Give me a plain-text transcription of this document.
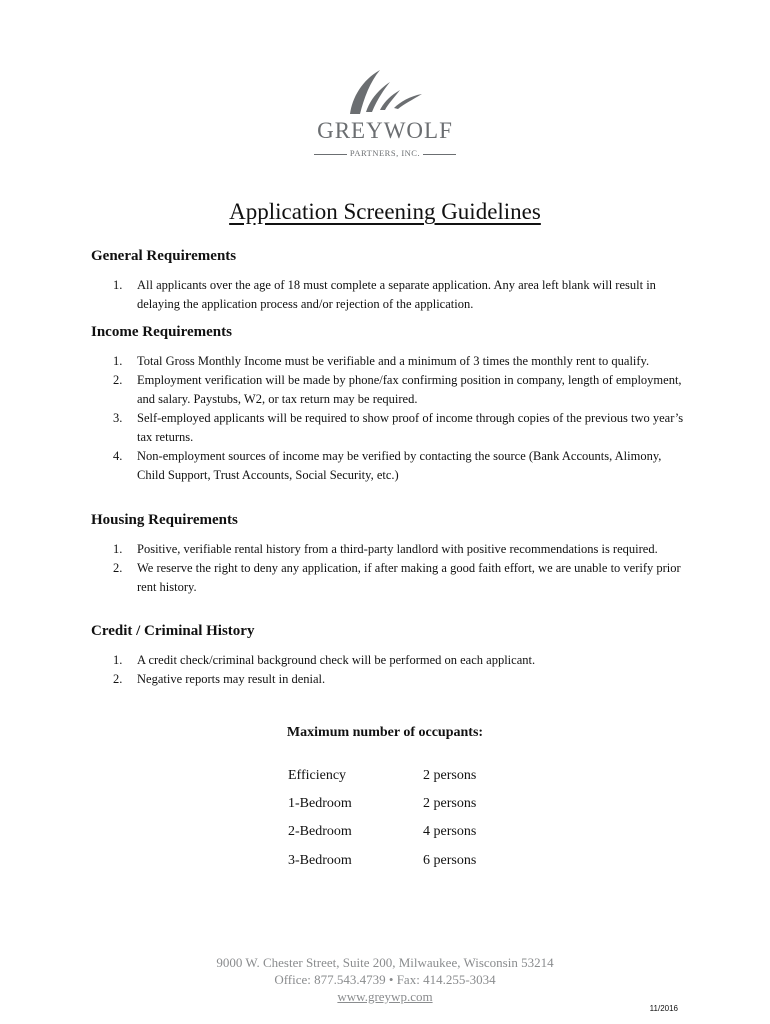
GREYWOLF
PARTNERS, INC.
Application Screening Guidelines
General Requirements
1. All applicants over the age of 18 must complete a separate application. Any area left blank will result in delaying the application process and/or rejection of the application.
Income Requirements
1. Total Gross Monthly Income must be verifiable and a minimum of 3 times the monthly rent to qualify.
2. Employment verification will be made by phone/fax confirming position in company, length of employment, and salary. Paystubs, W2, or tax return may be required.
3. Self-employed applicants will be required to show proof of income through copies of the previous two year’s tax returns.
4. Non-employment sources of income may be verified by contacting the source (Bank Accounts, Alimony, Child Support, Trust Accounts, Social Security, etc.)
Housing Requirements
1. Positive, verifiable rental history from a third-party landlord with positive recommendations is required.
2. We reserve the right to deny any application, if after making a good faith effort, we are unable to verify prior rent history.
Credit / Criminal History
1. A credit check/criminal background check will be performed on each applicant.
2. Negative reports may result in denial.
Maximum number of occupants:
Efficiency	2 persons
1-Bedroom	2 persons
2-Bedroom	4 persons
3-Bedroom	6 persons
9000 W. Chester Street, Suite 200, Milwaukee, Wisconsin 53214
Office: 877.543.4739 • Fax: 414.255-3034
www.greywp.com
11/2016
